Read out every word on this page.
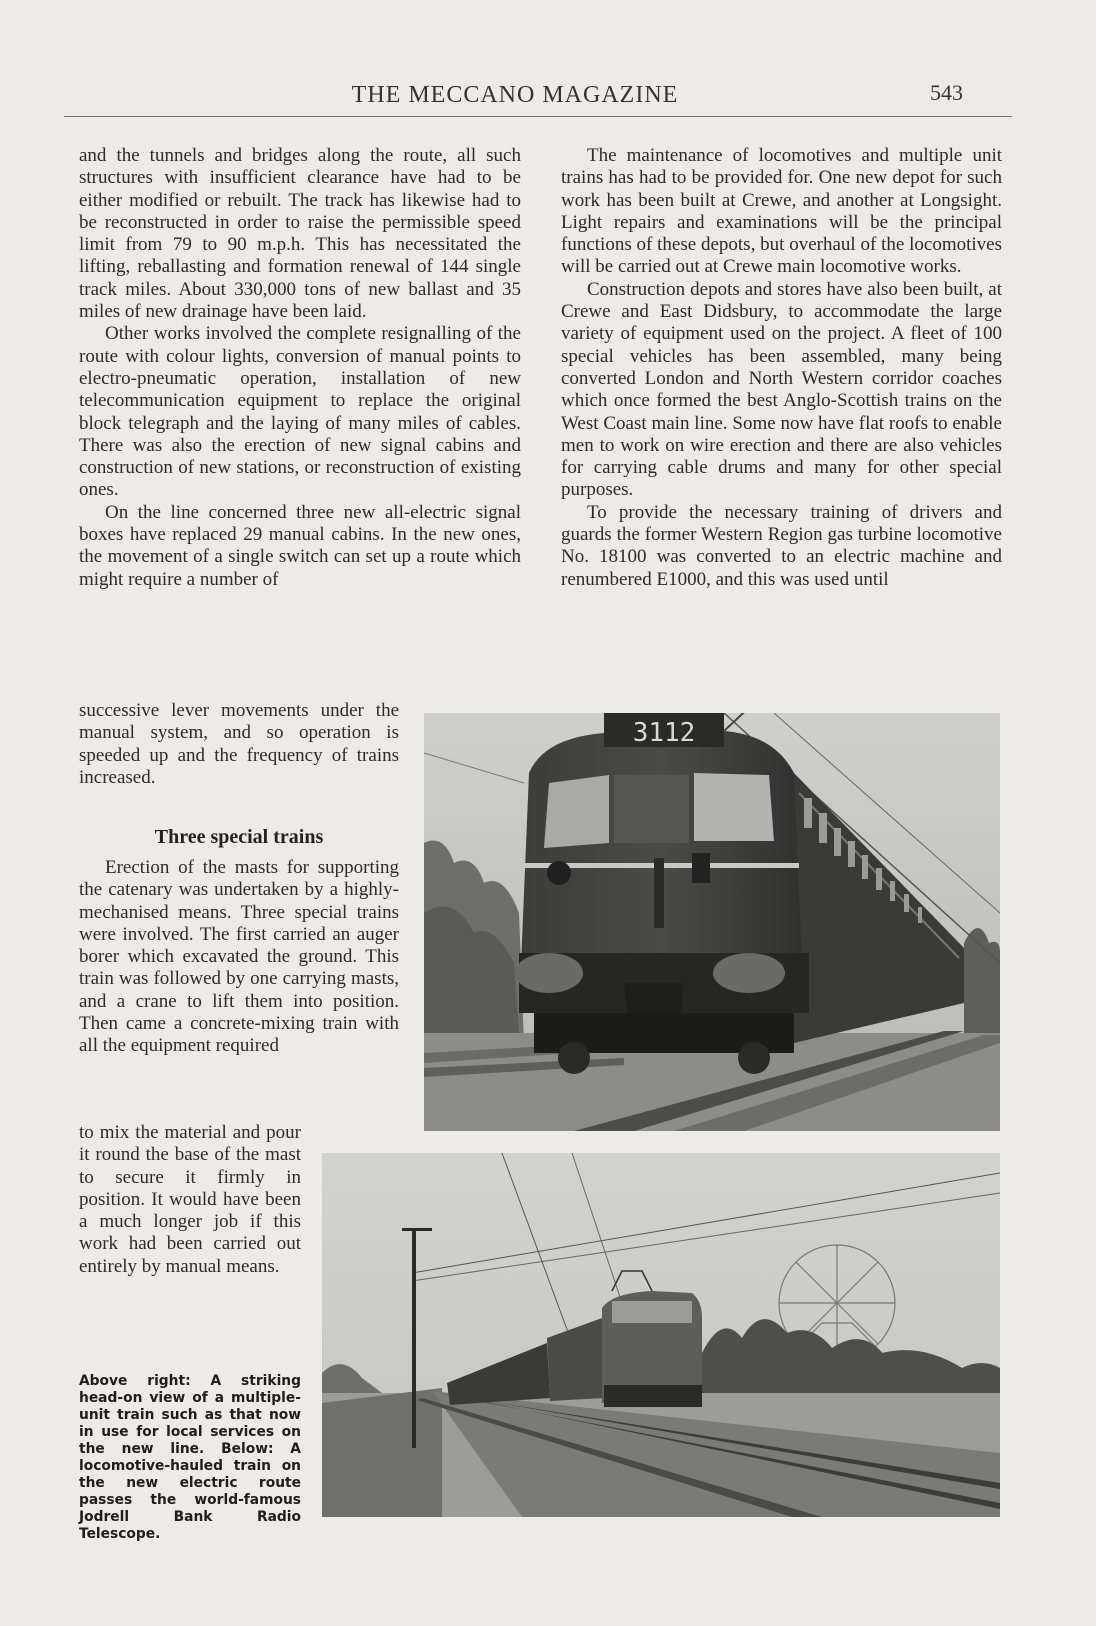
THE MECCANO MAGAZINE	543

and the tunnels and bridges along the route, all such structures with insufficient clearance have had to be either modified or rebuilt. The track has likewise had to be reconstructed in order to raise the permissible speed limit from 79 to 90 m.p.h. This has necessitated the lifting, reballasting and formation renewal of 144 single track miles. About 330,000 tons of new ballast and 35 miles of new drainage have been laid.

Other works involved the complete resignalling of the route with colour lights, conversion of manual points to electro-pneumatic operation, installation of new telecommunication equipment to replace the original block telegraph and the laying of many miles of cables. There was also the erection of new signal cabins and construction of new stations, or reconstruction of existing ones.

On the line concerned three new all-electric signal boxes have replaced 29 manual cabins. In the new ones, the movement of a single switch can set up a route which might require a number of

successive lever movements under the manual system, and so operation is speeded up and the frequency of trains increased.

Three special trains

Erection of the masts for supporting the catenary was undertaken by a highly-mechanised means. Three special trains were involved. The first carried an auger borer which excavated the ground. This train was followed by one carrying masts, and a crane to lift them into position. Then came a concrete-mixing train with all the equipment required

to mix the material and pour it round the base of the mast to secure it firmly in position. It would have been a much longer job if this work had been carried out entirely by manual means.

Above right: A striking head-on view of a multiple-unit train such as that now in use for local services on the new line. Below: A locomotive-hauled train on the new electric route passes the world-famous Jodrell Bank Radio Telescope.

The maintenance of locomotives and multiple unit trains has had to be provided for. One new depot for such work has been built at Crewe, and another at Longsight. Light repairs and examinations will be the principal functions of these depots, but overhaul of the locomotives will be carried out at Crewe main locomotive works.

Construction depots and stores have also been built, at Crewe and East Didsbury, to accommodate the large variety of equipment used on the project. A fleet of 100 special vehicles has been assembled, many being converted London and North Western corridor coaches which once formed the best Anglo-Scottish trains on the West Coast main line. Some now have flat roofs to enable men to work on wire erection and there are also vehicles for carrying cable drums and many for other special purposes.

To provide the necessary training of drivers and guards the former Western Region gas turbine locomotive No. 18100 was converted to an electric machine and renumbered E1000, and this was used until

3112
